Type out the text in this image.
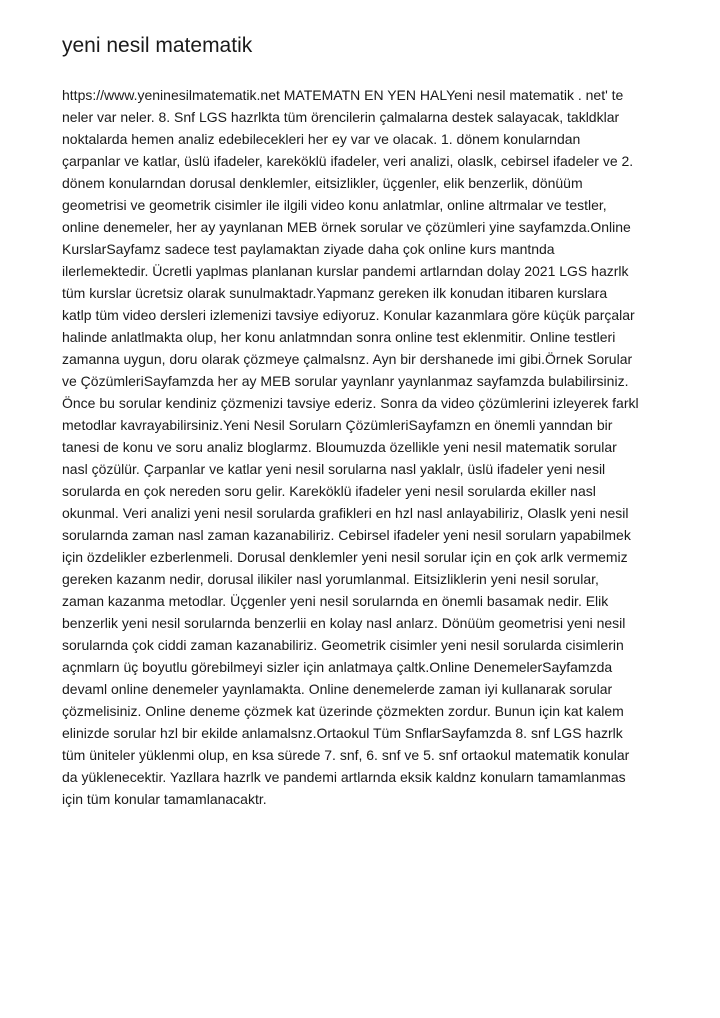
yeni nesil matematik
https://www.yeninesilmatematik.net MATEMATN EN YEN HALYeni nesil matematik . net' te
neler var neler. 8. Snf LGS hazrlkta tüm örencilerin çalmalarna destek salayacak, takldklar
noktalarda hemen analiz edebilecekleri her ey var ve olacak. 1. dönem konularndan
çarpanlar ve katlar, üslü ifadeler, kareköklü ifadeler, veri analizi, olaslk, cebirsel ifadeler ve 2.
dönem konularndan dorusal denklemler, eitsizlikler, üçgenler, elik benzerlik, dönüüm
geometrisi ve geometrik cisimler ile ilgili video konu anlatmlar, online altrmalar ve testler,
online denemeler, her ay yaynlanan MEB örnek sorular ve çözümleri yine sayfamzda.Online
KurslarSayfamz sadece test paylamaktan ziyade daha çok online kurs mantnda
ilerlemektedir. Ücretli yaplmas planlanan kurslar pandemi artlarndan dolay 2021 LGS hazrlk
tüm kurslar ücretsiz olarak sunulmaktadr.Yapmanz gereken ilk konudan itibaren kurslara
katlp tüm video dersleri izlemenizi tavsiye ediyoruz. Konular kazanmlara göre küçük parçalar
halinde anlatlmakta olup, her konu anlatmndan sonra online test eklenmitir. Online testleri
zamanna uygun, doru olarak çözmeye çalmalsnz. Ayn bir dershanede imi gibi.Örnek Sorular
ve ÇözümleriSayfamzda her ay MEB sorular yaynlanr yaynlanmaz sayfamzda bulabilirsiniz.
Önce bu sorular kendiniz çözmenizi tavsiye ederiz. Sonra da video çözümlerini izleyerek farkl
metodlar kavrayabilirsiniz.Yeni Nesil Sorularn ÇözümleriSayfamzn en önemli yanndan bir
tanesi de konu ve soru analiz bloglarmz. Bloumuzda özellikle yeni nesil matematik sorular
nasl çözülür. Çarpanlar ve katlar yeni nesil sorularna nasl yaklalr, üslü ifadeler yeni nesil
sorularda en çok nereden soru gelir. Kareköklü ifadeler yeni nesil sorularda ekiller nasl
okunmal. Veri analizi yeni nesil sorularda grafikleri en hzl nasl anlayabiliriz, Olaslk yeni nesil
sorularnda zaman nasl zaman kazanabiliriz. Cebirsel ifadeler yeni nesil sorularn yapabilmek
için özdelikler ezberlenmeli. Dorusal denklemler yeni nesil sorular için en çok arlk vermemiz
gereken kazanm nedir, dorusal ilikiler nasl yorumlanmal. Eitsizliklerin yeni nesil sorular,
zaman kazanma metodlar. Üçgenler yeni nesil sorularnda en önemli basamak nedir. Elik
benzerlik yeni nesil sorularnda benzerlii en kolay nasl anlarz. Dönüüm geometrisi yeni nesil
sorularnda çok ciddi zaman kazanabiliriz. Geometrik cisimler yeni nesil sorularda cisimlerin
açnmlarn üç boyutlu görebilmeyi sizler için anlatmaya çaltk.Online DenemelerSayfamzda
devaml online denemeler yaynlamakta. Online denemelerde zaman iyi kullanarak sorular
çözmelisiniz. Online deneme çözmek kat üzerinde çözmekten zordur. Bunun için kat kalem
elinizde sorular hzl bir ekilde anlamalsnz.Ortaokul Tüm SnflarSayfamzda 8. snf LGS hazrlk
tüm üniteler yüklenmi olup, en ksa sürede 7. snf, 6. snf ve 5. snf ortaokul matematik konular
da yüklenecektir. Yazllara hazrlk ve pandemi artlarnda eksik kaldnz konularn tamamlanmas
için tüm konular tamamlanacaktr.
